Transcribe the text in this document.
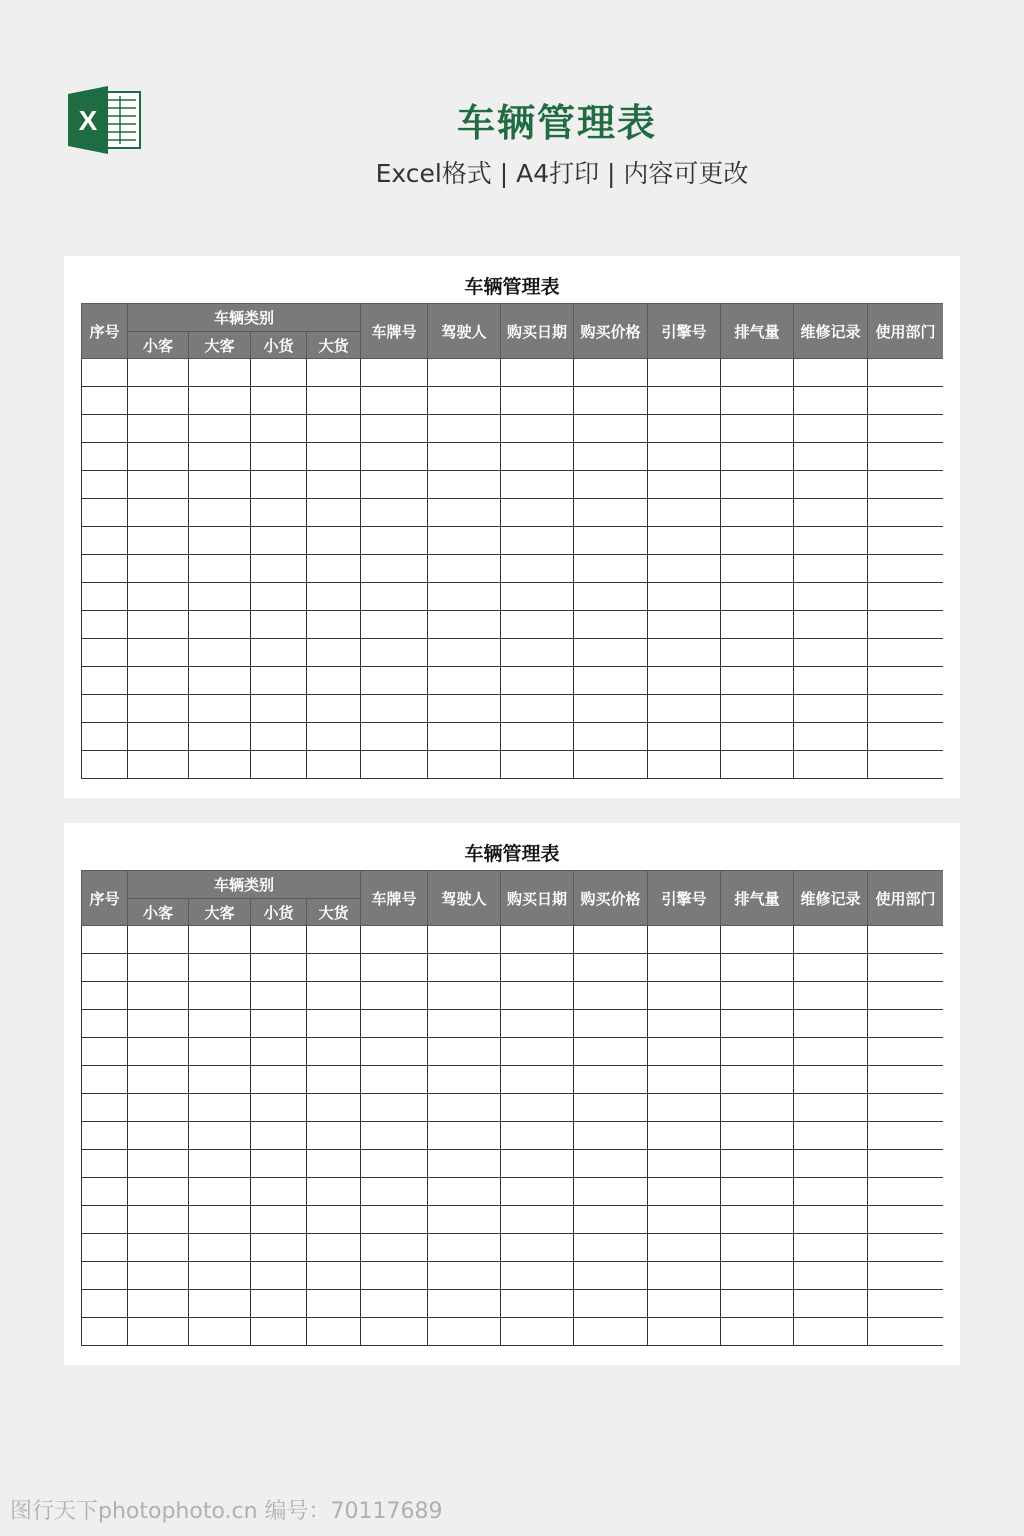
X	车辆管理表
Excel格式 | A4打印 | 内容可更改
车辆管理表
序号	车辆类别				车牌号	驾驶人	购买日期	购买价格	引擎号	排气量	维修记录	使用部门
	小客	大客	小货	大货								

车辆管理表
序号	车辆类别				车牌号	驾驶人	购买日期	购买价格	引擎号	排气量	维修记录	使用部门
	小客	大客	小货	大货								

图行天下photophoto.cn 编号：70117689
